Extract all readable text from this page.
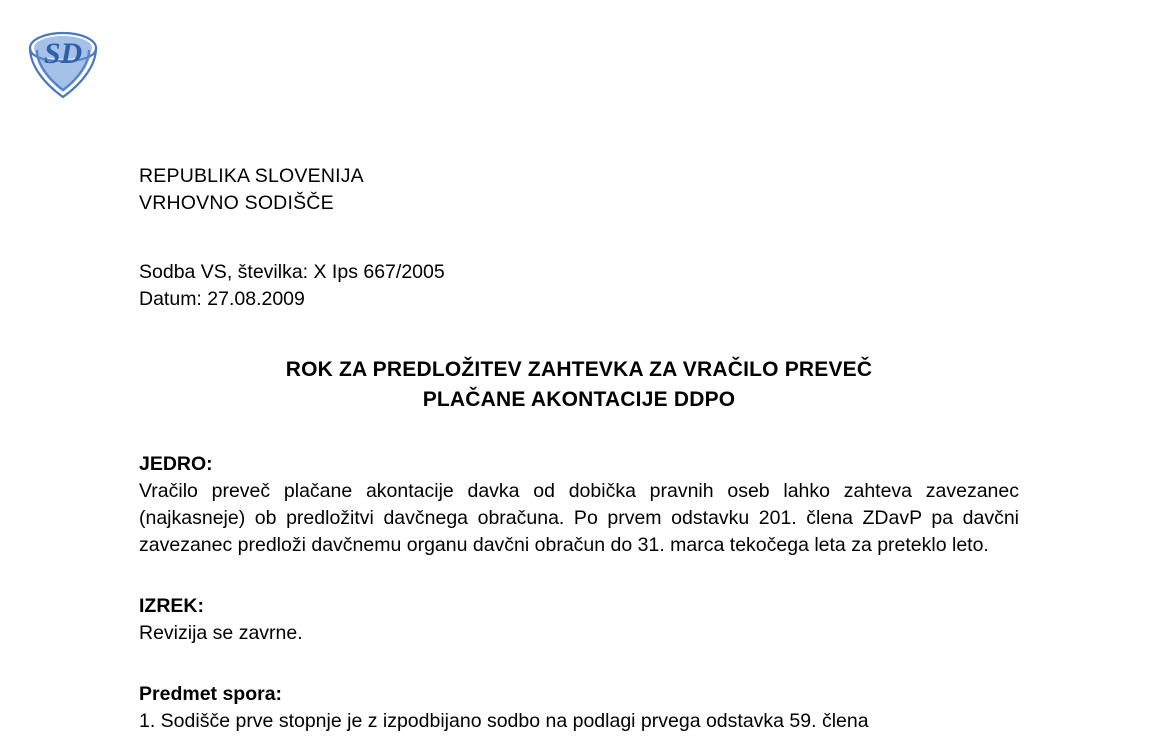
SD
REPUBLIKA SLOVENIJA
VRHOVNO SODIŠČE
Sodba VS, številka: X Ips 667/2005
Datum: 27.08.2009
ROK ZA PREDLOŽITEV ZAHTEVKA ZA VRAČILO PREVEČ
PLAČANE AKONTACIJE DDPO
JEDRO:
Vračilo preveč plačane akontacije davka od dobička pravnih oseb lahko zahteva zavezanec (najkasneje) ob predložitvi davčnega obračuna. Po prvem odstavku 201. člena ZDavP pa davčni zavezanec predloži davčnemu organu davčni obračun do 31. marca tekočega leta za preteklo leto.
IZREK:
Revizija se zavrne.
Predmet spora:
1. Sodišče prve stopnje je z izpodbijano sodbo na podlagi prvega odstavka 59. člena
